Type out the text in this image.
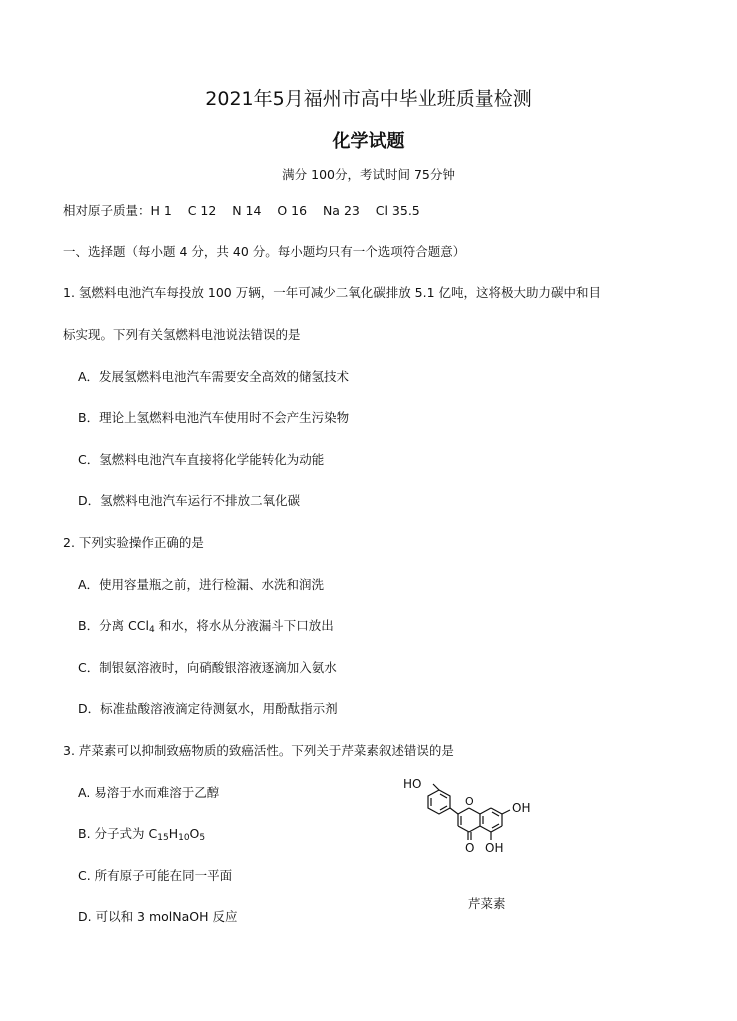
2021年5月福州市高中毕业班质量检测
化学试题
满分 100分，考试时间 75分钟
相对原子质量：H 1    C 12    N 14    O 16    Na 23    Cl 35.5
一、选择题（每小题 4 分，共 40 分。每小题均只有一个选项符合题意）
1. 氢燃料电池汽车每投放 100 万辆，一年可减少二氧化碳排放 5.1 亿吨，这将极大助力碳中和目
标实现。下列有关氢燃料电池说法错误的是
A．发展氢燃料电池汽车需要安全高效的储氢技术
B．理论上氢燃料电池汽车使用时不会产生污染物
C．氢燃料电池汽车直接将化学能转化为动能
D．氢燃料电池汽车运行不排放二氧化碳
2. 下列实验操作正确的是
A．使用容量瓶之前，进行检漏、水洗和润洗
B．分离 CCl$_4$ 和水，将水从分液漏斗下口放出
C．制银氨溶液时，向硝酸银溶液逐滴加入氨水
D．标准盐酸溶液滴定待测氨水，用酚酞指示剂
3. 芹菜素可以抑制致癌物质的致癌活性。下列关于芹菜素叙述错误的是
A. 易溶于水而难溶于乙醇
B. 分子式为 $C_{15}H_{10}O_5$
C. 所有原子可能在同一平面
D. 可以和 3 molNaOH 反应
HO
OH
O
O OH
芹菜素
